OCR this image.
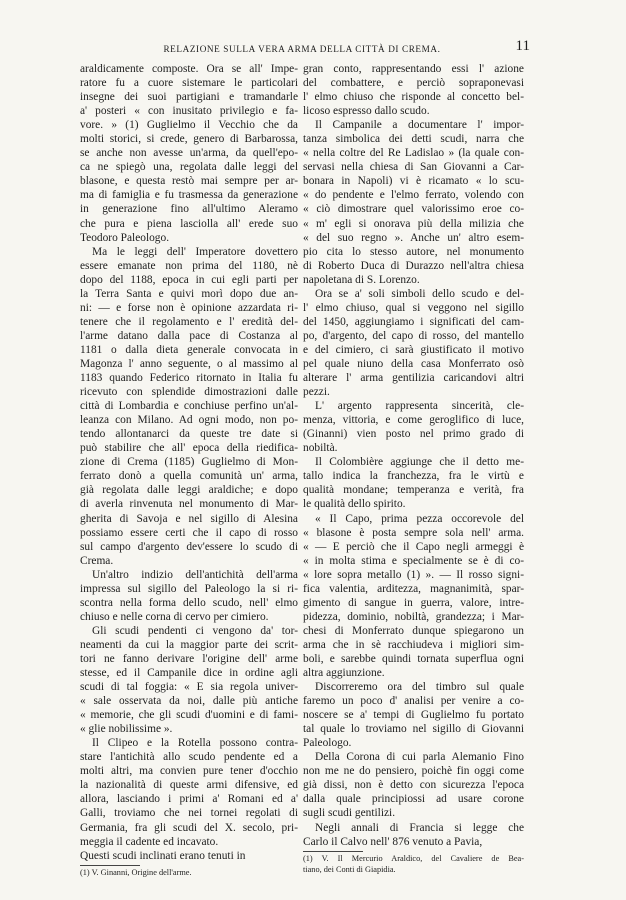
RELAZIONE SULLA VERA ARMA DELLA CITTÀ DI CREMA.	11
araldicamente composte. Ora se all' Impe-
ratore fu a cuore sistemare le particolari
insegne dei suoi partigiani e tramandarle
a' posteri « con inusitato privilegio e fa-
vore. » (1) Guglielmo il Vecchio che da
molti storici, si crede, genero di Barbarossa,
se anche non avesse un'arma, da quell'epo-
ca ne spiegò una, regolata dalle leggi del
blasone, e questa restò mai sempre per ar-
ma di famiglia e fu trasmessa da generazione
in generazione fino all'ultimo Aleramo
che pura e piena lasciolla all' erede suo
Teodoro Paleologo.
Ma le leggi dell' Imperatore dovettero
essere emanate non prima del 1180, nè
dopo del 1188, epoca in cui egli parti per
la Terra Santa e quivi morì dopo due an-
ni: — e forse non è opinione azzardata ri-
tenere che il regolamento e l' eredità del-
l'arme datano dalla pace di Costanza al
1181 o dalla dieta generale convocata in
Magonza l' anno seguente, o al massimo al
1183 quando Federico ritornato in Italia fu
ricevuto con splendide dimostrazioni dalle
città di Lombardia e conchiuse perfino un'al-
leanza con Milano. Ad ogni modo, non po-
tendo allontanarci da queste tre date si
può stabilire che all' epoca della riedifica-
zione di Crema (1185) Guglielmo di Mon-
ferrato donò a quella comunità un' arma,
già regolata dalle leggi araldiche; e dopo
di averla rinvenuta nel monumento di Mar-
gherita di Savoja e nel sigillo di Alesina
possiamo essere certi che il capo di rosso
sul campo d'argento dev'essere lo scudo di
Crema.
Un'altro indizio dell'antichità dell'arma
impressa sul sigillo del Paleologo la si ri-
scontra nella forma dello scudo, nell' elmo
chiuso e nelle corna di cervo per cimiero.
Gli scudi pendenti ci vengono da' tor-
neamenti da cui la maggior parte dei scrit-
tori ne fanno derivare l'origine dell' arme
stesse, ed il Campanile dice in ordine agli
scudi di tal foggia: « E sia regola univer-
« sale osservata da noi, dalle più antiche
« memorie, che gli scudi d'uomini e di fami-
« glie nobilissime ».
Il Clipeo e la Rotella possono contra-
stare l'antichità allo scudo pendente ed a
molti altri, ma convien pure tener d'occhio
la nazionalità di queste armi difensive, ed
allora, lasciando i primi a' Romani ed a'
Galli, troviamo che nei tornei regolati di
Germania, fra gli scudi del X. secolo, pri-
meggia il cadente ed incavato.
Questi scudi inclinati erano tenuti in
(1) V. Ginanni, Origine dell'arme.
gran conto, rappresentando essi l' azione
del combattere, e perciò sopraponevasi
l' elmo chiuso che risponde al concetto bel-
licoso espresso dallo scudo.
Il Campanile a documentare l' impor-
tanza simbolica dei detti scudi, narra che
« nella coltre del Re Ladislao » (la quale con-
servasi nella chiesa di San Giovanni a Car-
bonara in Napoli) vi è ricamato « lo scu-
« do pendente e l'elmo ferrato, volendo con
« ciò dimostrare quel valorissimo eroe co-
« m' egli si onorava più della milizia che
« del suo regno ». Anche un' altro esem-
pio cita lo stesso autore, nel monumento
di Roberto Duca di Durazzo nell'altra chiesa
napoletana di S. Lorenzo.
Ora se a' soli simboli dello scudo e del-
l' elmo chiuso, qual si veggono nel sigillo
del 1450, aggiungiamo i significati del cam-
po, d'argento, del capo di rosso, del mantello
e del cimiero, ci sarà giustificato il motivo
pel quale niuno della casa Monferrato osò
alterare l' arma gentilizia caricandovi altri
pezzi.
L' argento rappresenta sincerità, cle-
menza, vittoria, e come geroglifico di luce,
(Ginanni) vien posto nel primo grado di
nobiltà.
Il Colombière aggiunge che il detto me-
tallo indica la franchezza, fra le virtù e
qualità mondane; temperanza e verità, fra
le qualità dello spirito.
« Il Capo, prima pezza occorevole del
« blasone è posta sempre sola nell' arma.
« — E perciò che il Capo negli armeggi è
« in molta stima e specialmente se è di co-
« lore sopra metallo (1) ». — Il rosso signi-
fica valentia, arditezza, magnanimità, spar-
gimento di sangue in guerra, valore, intre-
pidezza, dominio, nobiltà, grandezza; i Mar-
chesi di Monferrato dunque spiegarono un
arma che in sè racchiudeva i migliori sim-
boli, e sarebbe quindi tornata superflua ogni
altra aggiunzione.
Discorreremo ora del timbro sul quale
faremo un poco d' analisi per venire a co-
noscere se a' tempi di Guglielmo fu portato
tal quale lo troviamo nel sigillo di Giovanni
Paleologo.
Della Corona di cui parla Alemanio Fino
non me ne do pensiero, poichè fin oggi come
già dissi, non è detto con sicurezza l'epoca
dalla quale principiossi ad usare corone
sugli scudi gentilizi.
Negli annali di Francia si legge che
Carlo il Calvo nell' 876 venuto a Pavia,
(1) V. Il Mercurio Araldico, del Cavaliere de Bea-
tiano, dei Conti di Giapidia.
